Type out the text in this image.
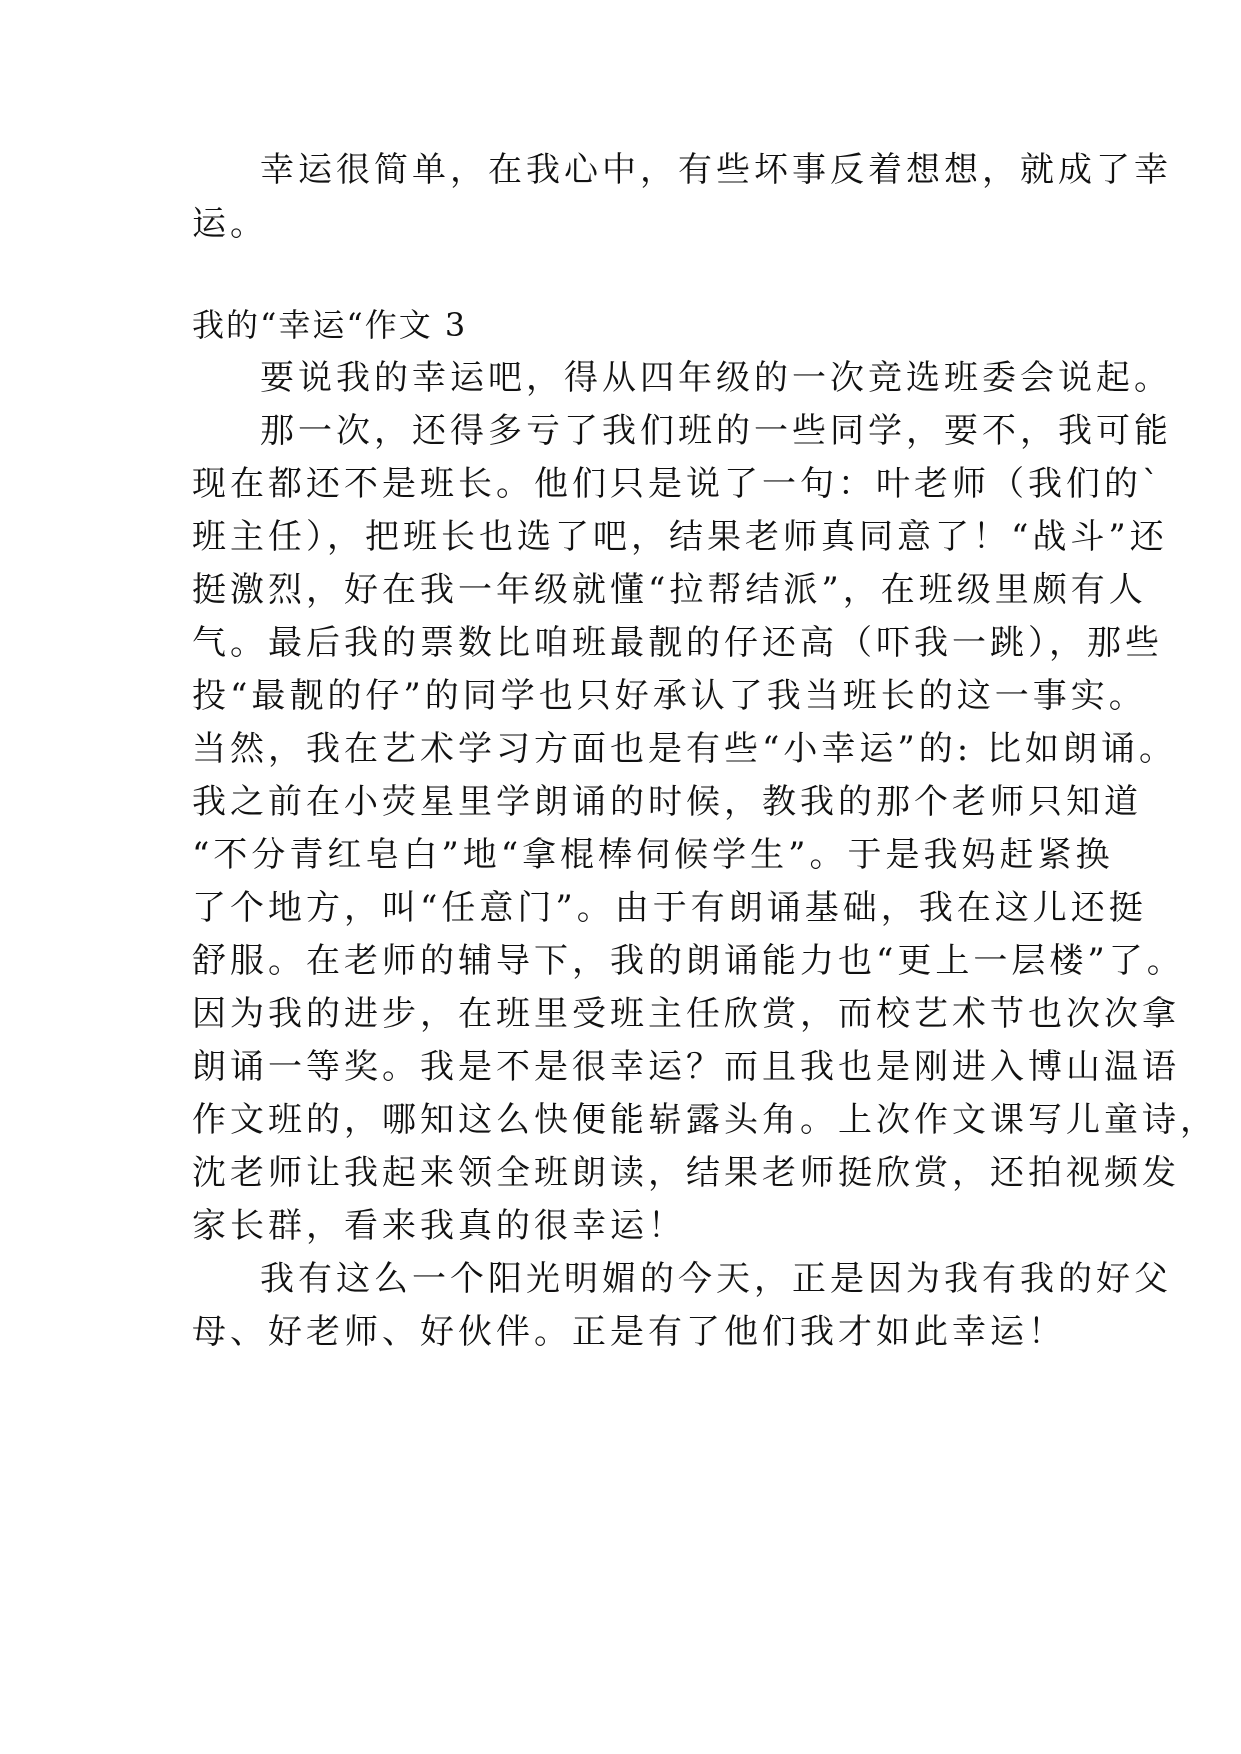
幸运很简单，在我心中，有些坏事反着想想，就成了幸
运。
我的“幸运“作文 3
要说我的幸运吧，得从四年级的一次竞选班委会说起。
那一次，还得多亏了我们班的一些同学，要不，我可能
现在都还不是班长。他们只是说了一句：叶老师（我们的`
班主任），把班长也选了吧，结果老师真同意了！“战斗”还
挺激烈，好在我一年级就懂“拉帮结派”，在班级里颇有人
气。最后我的票数比咱班最靓的仔还高（吓我一跳），那些
投“最靓的仔”的同学也只好承认了我当班长的这一事实。
当然，我在艺术学习方面也是有些“小幸运”的: 比如朗诵。
我之前在小荧星里学朗诵的时候，教我的那个老师只知道
“不分青红皂白”地“拿棍棒伺候学生”。于是我妈赶紧换
了个地方，叫“任意门”。由于有朗诵基础，我在这儿还挺
舒服。在老师的辅导下，我的朗诵能力也“更上一层楼”了。
因为我的进步，在班里受班主任欣赏，而校艺术节也次次拿
朗诵一等奖。我是不是很幸运？而且我也是刚进入博山温语
作文班的，哪知这么快便能崭露头角。上次作文课写儿童诗，
沈老师让我起来领全班朗读，结果老师挺欣赏，还拍视频发
家长群，看来我真的很幸运！
我有这么一个阳光明媚的今天，正是因为我有我的好父
母、好老师、好伙伴。正是有了他们我才如此幸运！
